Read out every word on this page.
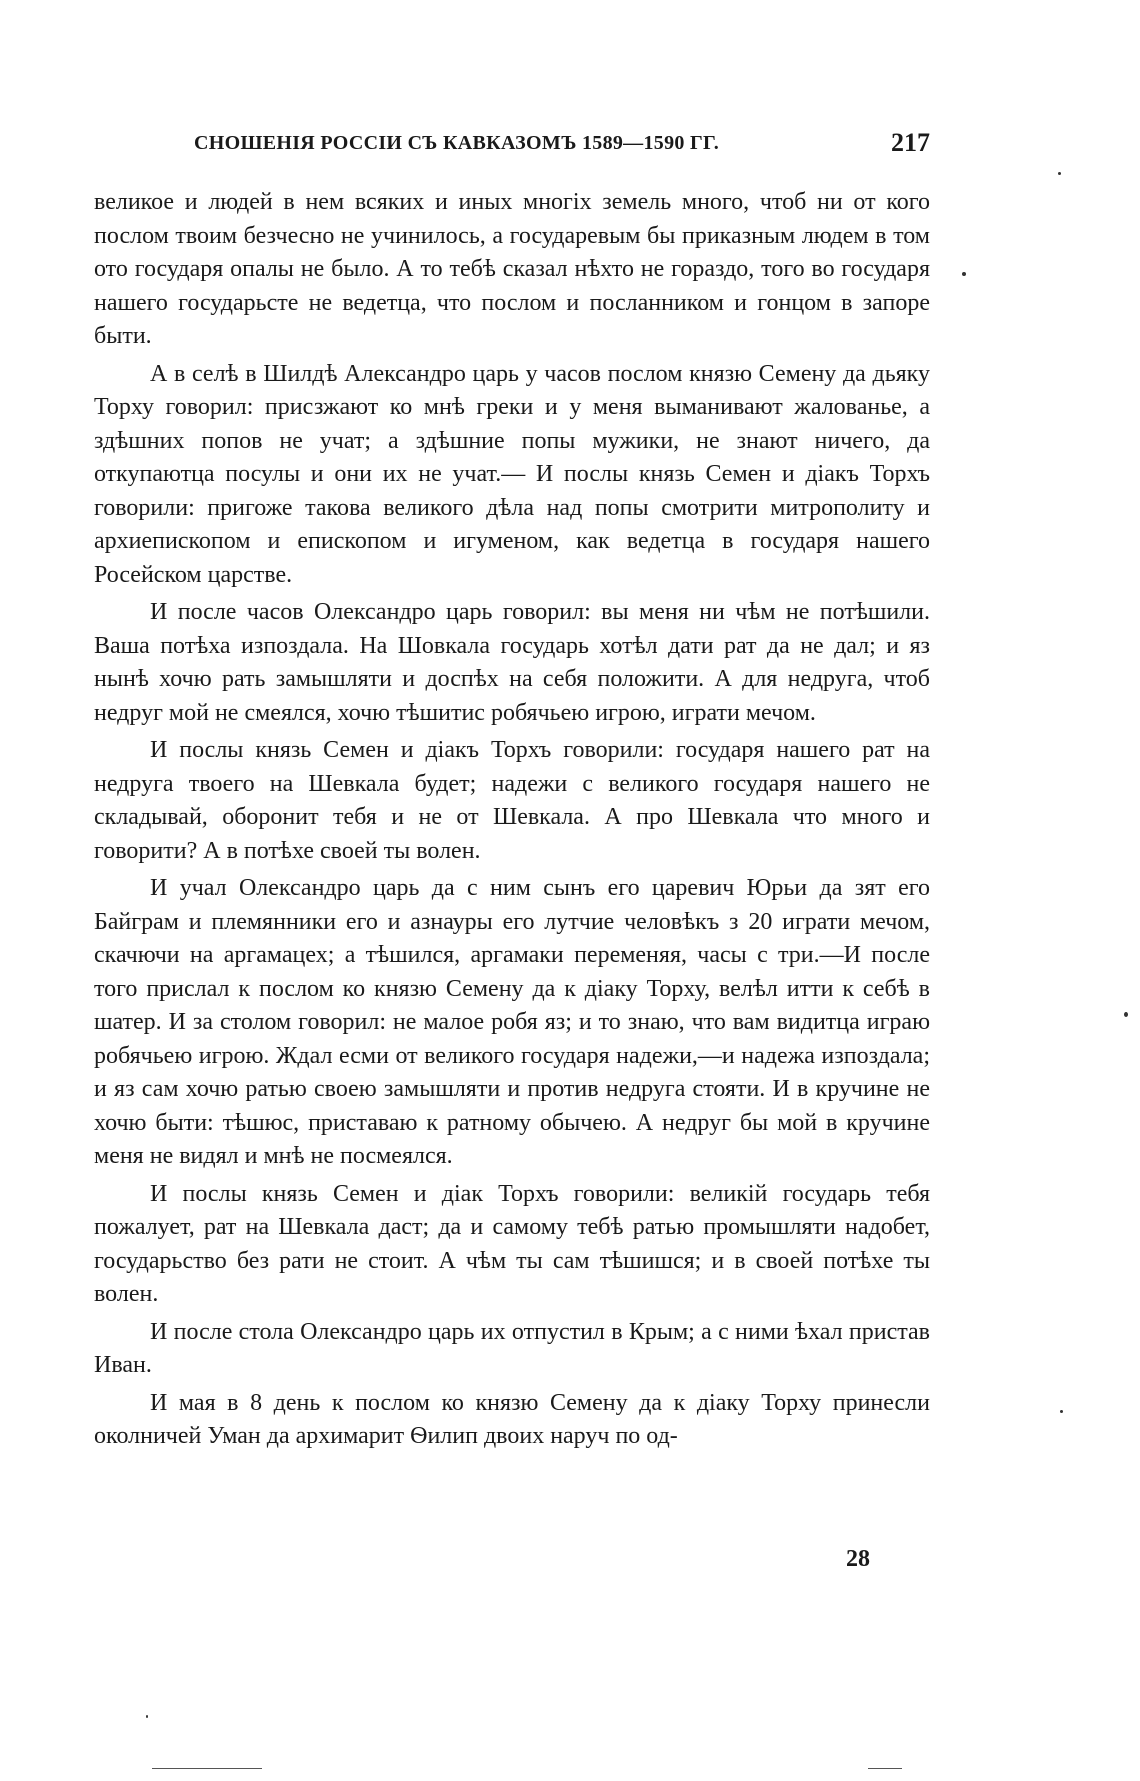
СНОШЕНІЯ РОССІИ СЪ КАВКАЗОМЪ 1589—1590 ГГ.	217

великое и людей в нем всяких и иных многіх земель много, чтоб ни от кого послом твоим безчесно не учинилось, а государевым бы приказным людем в том ото государя опалы не было. А то тебѣ сказал нѣхто не гораздо, того во государя нашего государьсте не ведетца, что послом и посланником и гонцом в запоре быти.

А в селѣ в Шилдѣ Александро царь у часов послом князю Семену да дьяку Торху говорил: присзжают ко мнѣ греки и у меня выманивают жалованье, а здѣшних попов не учат; а здѣшние попы мужики, не знают ничего, да откупаютца посулы и они их не учат.— И послы князь Семен и діакъ Торхъ говорили: пригоже такова великого дѣла над попы смотрити митрополиту и архиепископом и епископом и игуменом, как ведетца в государя нашего Росейском царстве.

И после часов Олександро царь говорил: вы меня ни чѣм не потѣшили. Ваша потѣха изпоздала. На Шовкала государь хотѣл дати рат да не дал; и яз нынѣ хочю рать замышляти и доспѣх на себя положити. А для недруга, чтоб недруг мой не смеялся, хочю тѣшитис робячьею игрою, играти мечом.

И послы князь Семен и діакъ Торхъ говорили: государя нашего рат на недруга твоего на Шевкала будет; надежи с великого государя нашего не складывай, оборонит тебя и не от Шевкала. А про Шевкала что много и говорити? А в потѣхе своей ты волен.

И учал Олександро царь да с ним сынъ его царевич Юрьи да зят его Байграм и племянники его и азнауры его лутчие человѣкъ з 20 играти мечом, скачючи на аргамацех; а тѣшился, аргамаки переменяя, часы с три.—И после того прислал к послом ко князю Семену да к діаку Торху, велѣл итти к себѣ в шатер. И за столом говорил: не малое робя яз; и то знаю, что вам видитца играю робячьею игрою. Ждал есми от великого государя надежи,—и надежа изпоздала; и яз сам хочю ратью своею замышляти и против недруга стояти. И в кручине не хочю быти: тѣшюс, приставаю к ратному обычею. А недруг бы мой в кручине меня не видял и мнѣ не посмеялся.

И послы князь Семен и діак Торхъ говорили: великій государь тебя пожалует, рат на Шевкала даст; да и самому тебѣ ратью промышляти надобет, государьство без рати не стоит. А чѣм ты сам тѣшишся; и в своей потѣхе ты волен.

И после стола Олександро царь их отпустил в Крым; а с ними ѣхал пристав Иван.

И мая в 8 день к послом ко князю Семену да к діаку Торху принесли околничей Уман да архимарит Ѳилип двоих наруч по од-

28
